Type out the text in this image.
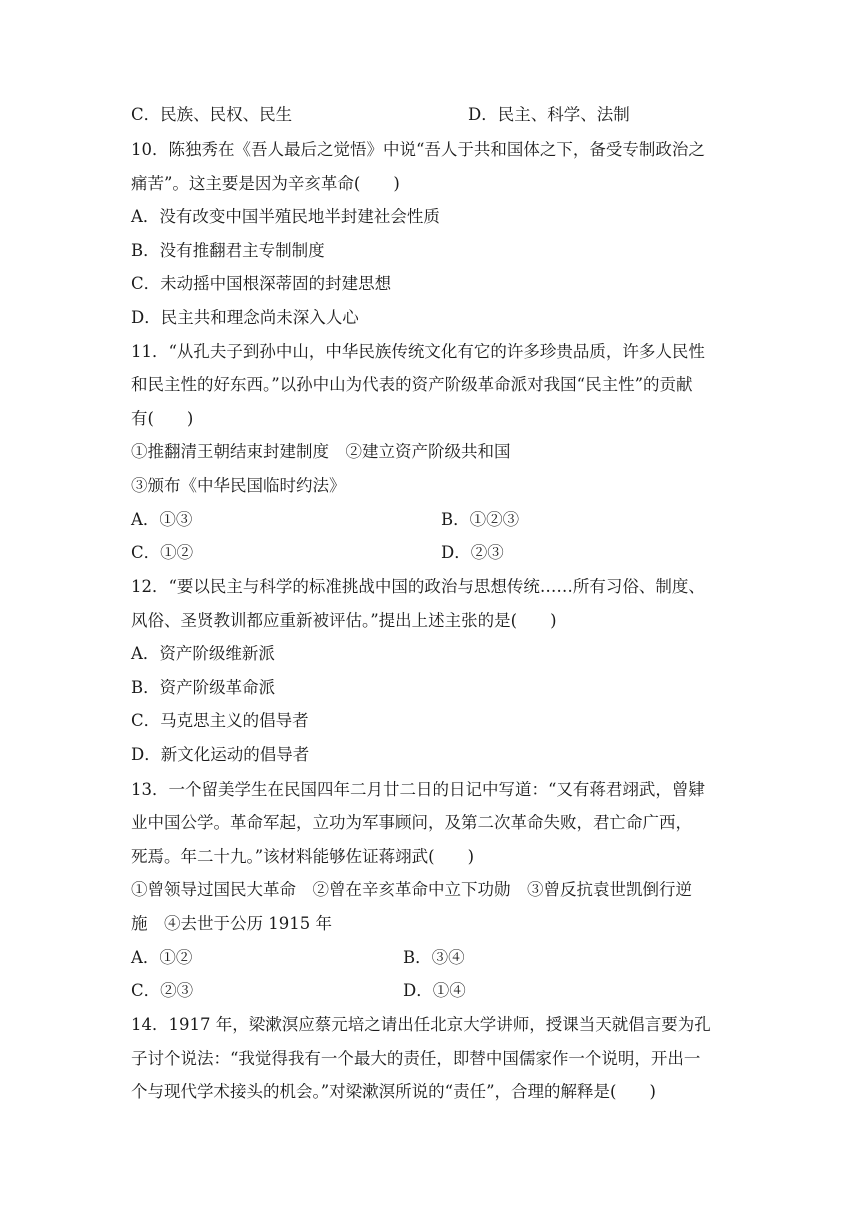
C．民族、民权、民生	D．民主、科学、法制
10．陈独秀在《吾人最后之觉悟》中说“吾人于共和国体之下，备受专制政治之
痛苦”。这主要是因为辛亥革命(　　)
A．没有改变中国半殖民地半封建社会性质
B．没有推翻君主专制制度
C．未动摇中国根深蒂固的封建思想
D．民主共和理念尚未深入人心
11．“从孔夫子到孙中山，中华民族传统文化有它的许多珍贵品质，许多人民性
和民主性的好东西。”以孙中山为代表的资产阶级革命派对我国“民主性”的贡献
有(　　)
①推翻清王朝结束封建制度　②建立资产阶级共和国
③颁布《中华民国临时约法》
A．①③	B．①②③
C．①②	D．②③
12．“要以民主与科学的标准挑战中国的政治与思想传统……所有习俗、制度、
风俗、圣贤教训都应重新被评估。”提出上述主张的是(　　)
A．资产阶级维新派
B．资产阶级革命派
C．马克思主义的倡导者
D．新文化运动的倡导者
13．一个留美学生在民国四年二月廿二日的日记中写道：“又有蒋君翊武，曾肄
业中国公学。革命军起，立功为军事顾问，及第二次革命失败，君亡命广西，
死焉。年二十九。”该材料能够佐证蒋翊武(　　)
①曾领导过国民大革命　②曾在辛亥革命中立下功勋　③曾反抗袁世凯倒行逆
施　④去世于公历 1915 年
A．①②	B．③④
C．②③	D．①④
14．1917 年，梁漱溟应蔡元培之请出任北京大学讲师，授课当天就倡言要为孔
子讨个说法：“我觉得我有一个最大的责任，即替中国儒家作一个说明，开出一
个与现代学术接头的机会。”对梁漱溟所说的“责任”，合理的解释是(　　)
